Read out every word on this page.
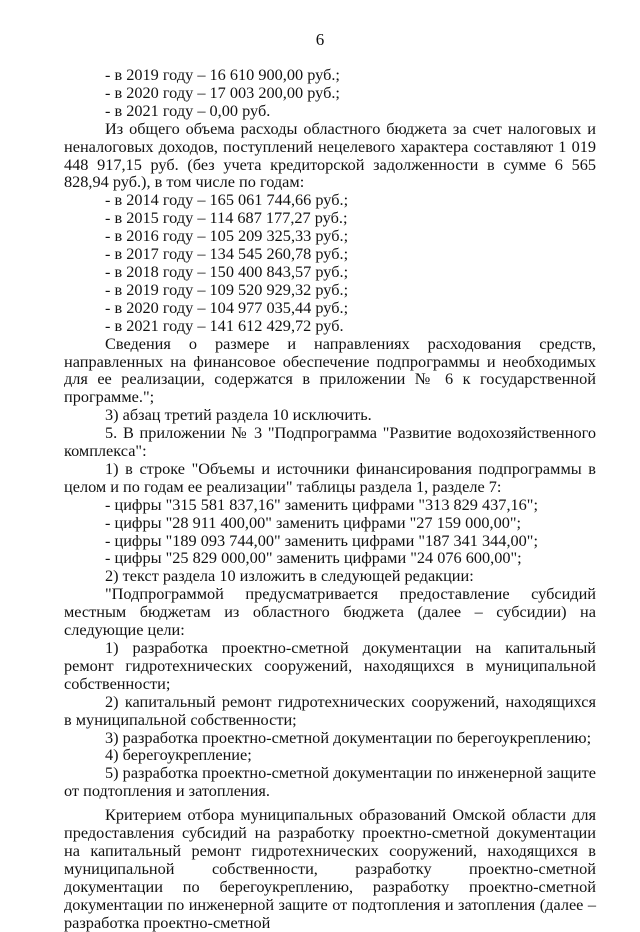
6

- в 2019 году – 16 610 900,00 руб.;

- в 2020 году – 17 003 200,00 руб.;

- в 2021 году – 0,00 руб.

Из общего объема расходы областного бюджета за счет налоговых и неналоговых доходов, поступлений нецелевого характера составляют 1 019 448 917,15 руб. (без учета кредиторской задолженности в сумме 6 565 828,94 руб.), в том числе по годам:

- в 2014 году – 165 061 744,66 руб.;

- в 2015 году – 114 687 177,27 руб.;

- в 2016 году – 105 209 325,33 руб.;

- в 2017 году – 134 545 260,78 руб.;

- в 2018 году – 150 400 843,57 руб.;

- в 2019 году – 109 520 929,32 руб.;

- в 2020 году – 104 977 035,44 руб.;

- в 2021 году – 141 612 429,72 руб.

Сведения о размере и направлениях расходования средств, направленных на финансовое обеспечение подпрограммы и необходимых для ее реализации, содержатся в приложении № 6 к государственной программе.";

3) абзац третий раздела 10 исключить.

5. В приложении № 3 "Подпрограмма "Развитие водохозяйственного комплекса":

1) в строке "Объемы и источники финансирования подпрограммы в целом и по годам ее реализации" таблицы раздела 1, разделе 7:

- цифры "315 581 837,16" заменить цифрами "313 829 437,16";

- цифры "28 911 400,00" заменить цифрами "27 159 000,00";

- цифры "189 093 744,00" заменить цифрами "187 341 344,00";

- цифры "25 829 000,00" заменить цифрами "24 076 600,00";

2) текст раздела 10 изложить в следующей редакции:

"Подпрограммой предусматривается предоставление субсидий местным бюджетам из областного бюджета (далее – субсидии) на следующие цели:

1) разработка проектно-сметной документации на капитальный ремонт гидротехнических сооружений, находящихся в муниципальной собственности;

2) капитальный ремонт гидротехнических сооружений, находящихся в муниципальной собственности;

3) разработка проектно-сметной документации по берегоукреплению;

4) берегоукрепление;

5) разработка проектно-сметной документации по инженерной защите от подтопления и затопления.

Критерием отбора муниципальных образований Омской области для предоставления субсидий на разработку проектно-сметной документации на капитальный ремонт гидротехнических сооружений, находящихся в муниципальной собственности, разработку проектно-сметной документации по берегоукреплению, разработку проектно-сметной документации по инженерной защите от подтопления и затопления (далее – разработка проектно-сметной
